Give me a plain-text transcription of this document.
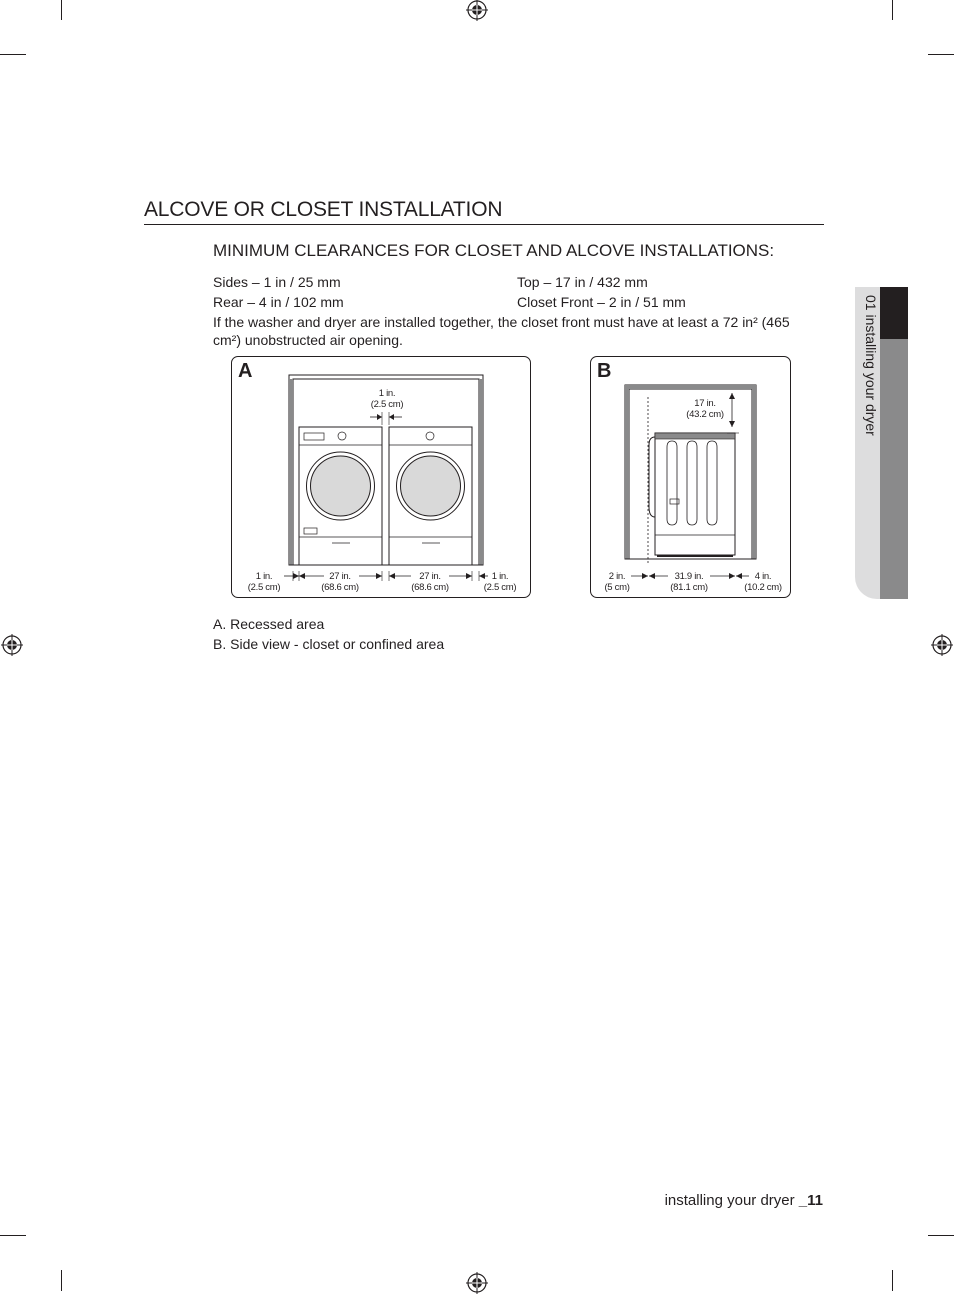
ALCOVE OR CLOSET INSTALLATION
MINIMUM CLEARANCES FOR CLOSET AND ALCOVE INSTALLATIONS:
Sides – 1 in / 25 mm	Top – 17 in / 432 mm
Rear – 4 in / 102 mm	Closet Front – 2 in / 51 mm
If the washer and dryer are installed together, the closet front must have at least a 72 in² (465 cm²) unobstructed air opening.
A
1 in.
(2.5 cm)
1 in.
(2.5 cm)
27 in.
(68.6 cm)
27 in.
(68.6 cm)
1 in.
(2.5 cm)
B
17 in.
(43.2 cm)
2 in.
(5 cm)
31.9 in.
(81.1 cm)
4 in.
(10.2 cm)
A. Recessed area
B. Side view - closet or confined area
01 installing your dryer
installing your dryer _11
